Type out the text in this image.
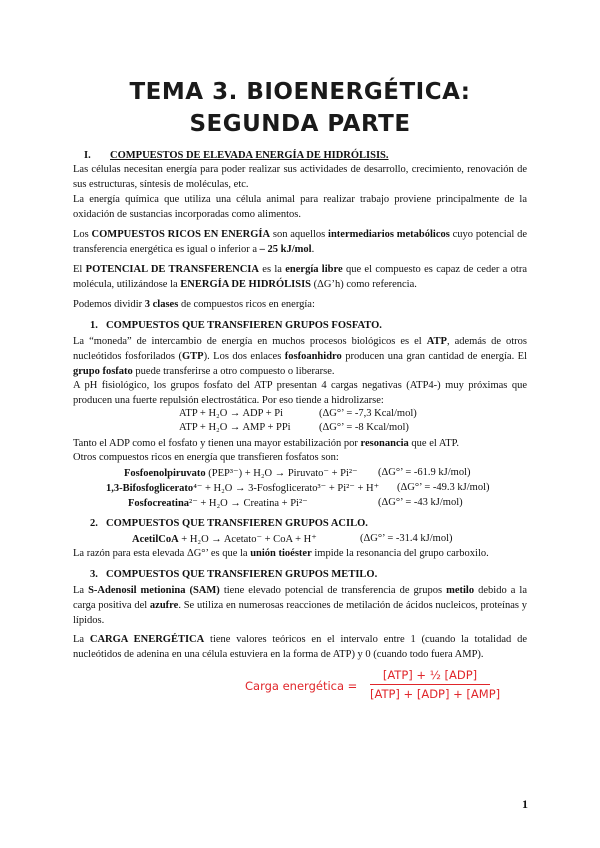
TEMA 3. BIOENERGÉTICA:
SEGUNDA PARTE
I. COMPUESTOS DE ELEVADA ENERGÍA DE HIDRÓLISIS.

Las células necesitan energía para poder realizar sus actividades de desarrollo, crecimiento, renovación de sus estructuras, síntesis de moléculas, etc.

La energía química que utiliza una célula animal para realizar trabajo proviene principalmente de la oxidación de sustancias incorporadas como alimentos.

Los COMPUESTOS RICOS EN ENERGÍA son aquellos intermediarios metabólicos cuyo potencial de transferencia energética es igual o inferior a – 25 kJ/mol.

El POTENCIAL DE TRANSFERENCIA es la energía libre que el compuesto es capaz de ceder a otra molécula, utilizándose la ENERGÍA DE HIDRÓLISIS (ΔG’h) como referencia.

Podemos dividir 3 clases de compuestos ricos en energía:

1. COMPUESTOS QUE TRANSFIEREN GRUPOS FOSFATO.

La “moneda” de intercambio de energía en muchos procesos biológicos es el ATP, además de otros nucleótidos fosforilados (GTP). Los dos enlaces fosfoanhidro producen una gran cantidad de energía. El grupo fosfato puede transferirse a otro compuesto o liberarse.

A pH fisiológico, los grupos fosfato del ATP presentan 4 cargas negativas (ATP4-) muy próximas que producen una fuerte repulsión electrostática. Por eso tiende a hidrolizarse:

ATP + H₂O → ADP + Pi	(ΔG°’ = -7,3 Kcal/mol)
ATP + H₂O → AMP + PPi	(ΔG°’ = -8 Kcal/mol)

Tanto el ADP como el fosfato y tienen una mayor estabilización por resonancia que el ATP.

Otros compuestos ricos en energía que transfieren fosfatos son:

Fosfoenolpiruvato (PEP³⁻) + H₂O → Piruvato⁻ + Pi²⁻ (ΔG°’ = -61.9 kJ/mol)
1,3-Bifosfoglicerato⁴⁻ + H₂O → 3-Fosfoglicerato³⁻ + Pi²⁻ + H⁺ (ΔG°’ = -49.3 kJ/mol)
Fosfocreatina²⁻ + H₂O → Creatina + Pi²⁻	(ΔG°’ = -43 kJ/mol)
2. COMPUESTOS QUE TRANSFIEREN GRUPOS ACILO.
AcetilCoA + H₂O → Acetato⁻ + CoA + H⁺	(ΔG°’ = -31.4 kJ/mol)

La razón para esta elevada ΔG°’ es que la unión tioéster impide la resonancia del grupo carboxilo.

3. COMPUESTOS QUE TRANSFIEREN GRUPOS METILO.

La S-Adenosil metionina (SAM) tiene elevado potencial de transferencia de grupos metilo debido a la carga positiva del azufre. Se utiliza en numerosas reacciones de metilación de ácidos nucleicos, proteínas y lípidos.

La CARGA ENERGÉTICA tiene valores teóricos en el intervalo entre 1 (cuando la totalidad de nucleótidos de adenina en una célula estuviera en la forma de ATP) y 0 (cuando todo fuera AMP).

Carga energética =
[ATP] + ½ [ADP]
[ATP] + [ADP] + [AMP]
1
